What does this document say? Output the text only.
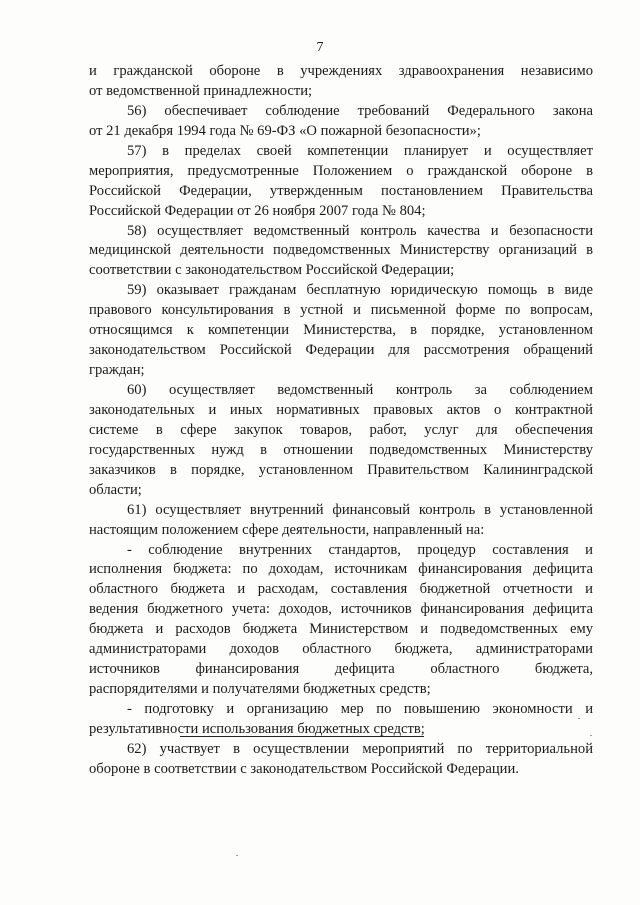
7
и гражданской обороне в учреждениях здравоохранения независимо
от ведомственной принадлежности;
56) обеспечивает соблюдение требований Федерального закона
от 21 декабря 1994 года № 69-ФЗ «О пожарной безопасности»;
57) в пределах своей компетенции планирует и осуществляет
мероприятия, предусмотренные Положением о гражданской обороне в
Российской Федерации, утвержденным постановлением Правительства
Российской Федерации от 26 ноября 2007 года № 804;
58) осуществляет ведомственный контроль качества и безопасности
медицинской деятельности подведомственных Министерству организаций в
соответствии с законодательством Российской Федерации;
59) оказывает гражданам бесплатную юридическую помощь в виде
правового консультирования в устной и письменной форме по вопросам,
относящимся к компетенции Министерства, в порядке, установленном
законодательством Российской Федерации для рассмотрения обращений
граждан;
60) осуществляет ведомственный контроль за соблюдением
законодательных и иных нормативных правовых актов о контрактной
системе в сфере закупок товаров, работ, услуг для обеспечения
государственных нужд в отношении подведомственных Министерству
заказчиков в порядке, установленном Правительством Калининградской
области;
61) осуществляет внутренний финансовый контроль в установленной
настоящим положением сфере деятельности, направленный на:
- соблюдение внутренних стандартов, процедур составления и
исполнения бюджета: по доходам, источникам финансирования дефицита
областного бюджета и расходам, составления бюджетной отчетности и
ведения бюджетного учета: доходов, источников финансирования дефицита
бюджета и расходов бюджета Министерством и подведомственных ему
администраторами доходов областного бюджета, администраторами
источников финансирования дефицита областного бюджета,
распорядителями и получателями бюджетных средств;
- подготовку и организацию мер по повышению экономности и
результативности использования бюджетных средств;
62) участвует в осуществлении мероприятий по территориальной
обороне в соответствии с законодательством Российской Федерации.
